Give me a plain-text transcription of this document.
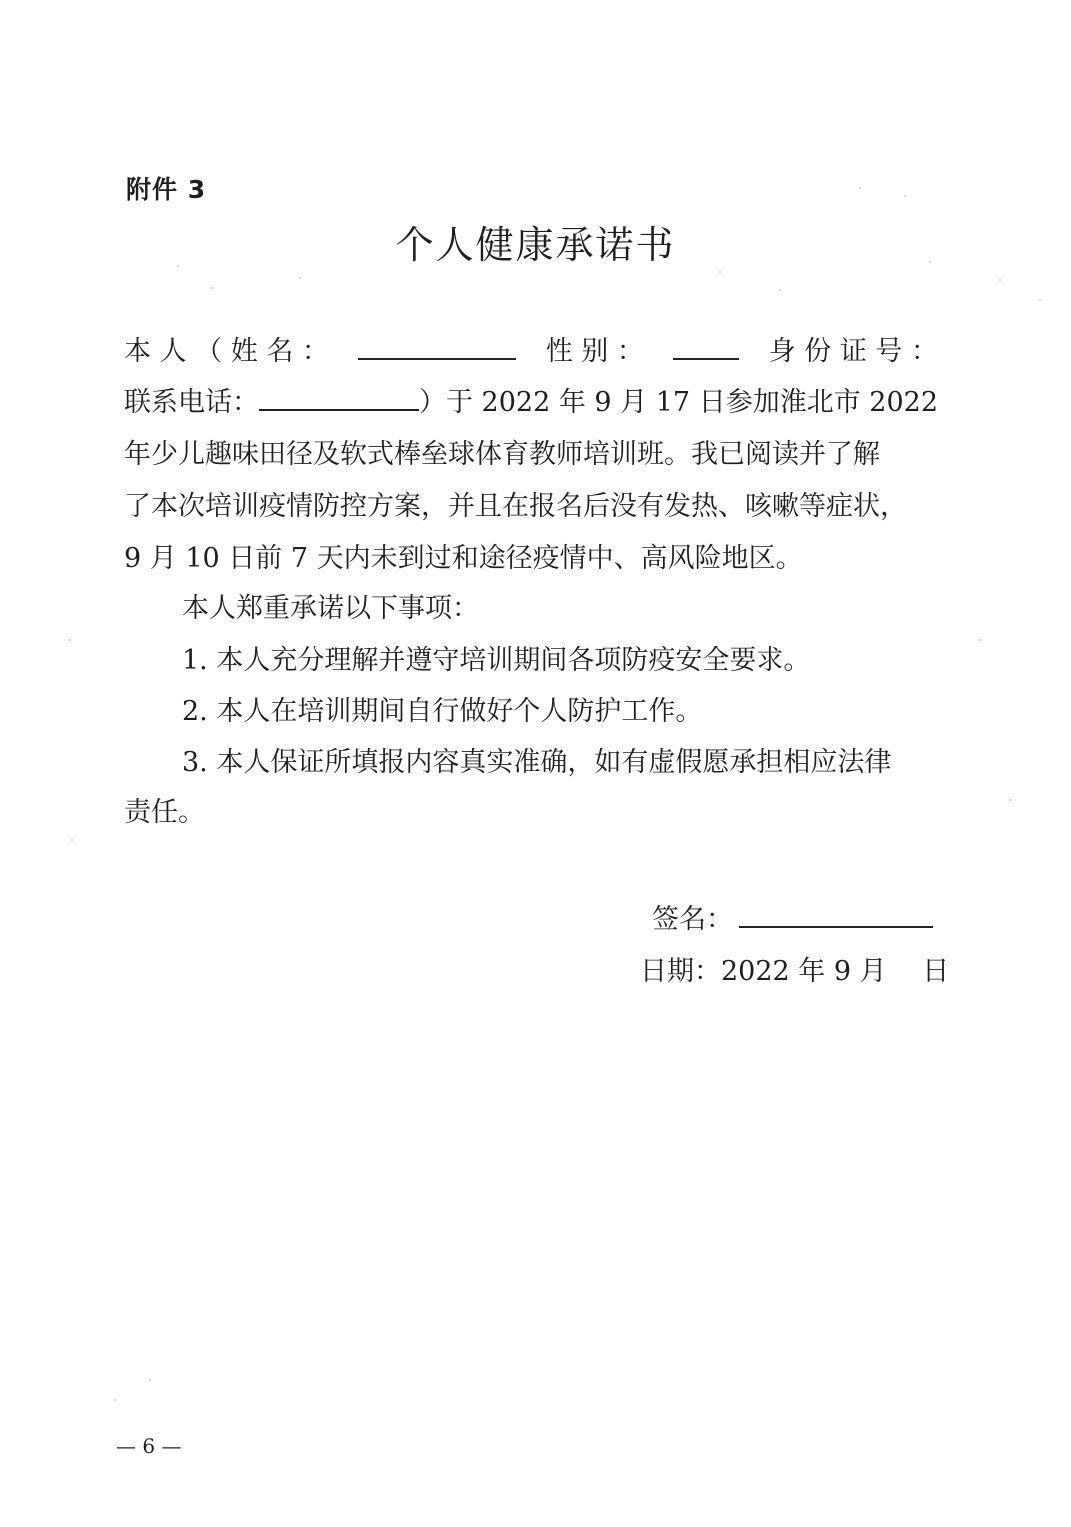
附件 3
个人健康承诺书
本 人 （ 姓 名 ：	性 别 ：	身 份 证 号 ：
联系电话：	）于 2022 年 9 月 17 日参加淮北市 2022
年少儿趣味田径及软式棒垒球体育教师培训班。我已阅读并了解
了本次培训疫情防控方案，并且在报名后没有发热、咳嗽等症状，
9 月 10 日前 7 天内未到过和途径疫情中、高风险地区。
本人郑重承诺以下事项：
1. 本人充分理解并遵守培训期间各项防疫安全要求。
2. 本人在培训期间自行做好个人防护工作。
3. 本人保证所填报内容真实准确，如有虚假愿承担相应法律
责任。
签名：
日期：2022 年 9 月　 日
— 6 —
